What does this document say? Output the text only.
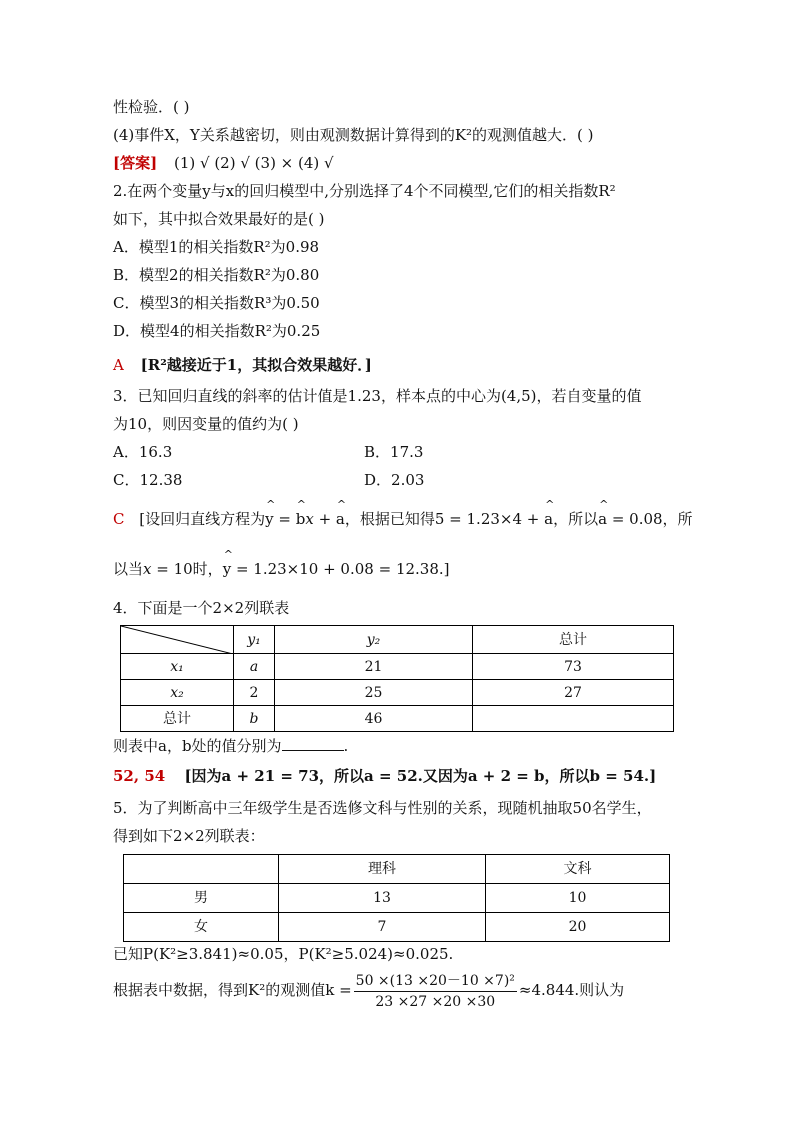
性检验．( )
(4)事件X，Y关系越密切，则由观测数据计算得到的K²的观测值越大．( )
[答案] (1) √ (2) √ (3) × (4) √
2.在两个变量y与x的回归模型中,分别选择了4个不同模型,它们的相关指数R²
如下，其中拟合效果最好的是( )
A．模型1的相关指数R²为0.98
B．模型2的相关指数R²为0.80
C．模型3的相关指数R³为0.50
D．模型4的相关指数R²为0.25
A [R²越接近于1，其拟合效果越好．]
3．已知回归直线的斜率的估计值是1.23，样本点的中心为(4,5)，若自变量的值
为10，则因变量的值约为( )
A．16.3	B．17.3
C．12.38	D．2.03
C [设回归直线方程为^ y = ^ bx + ^ a，根据已知得5 = 1.23×4 + ^ a，所以^ a = 0.08，所
以当x = 10时，^ y = 1.23×10 + 0.08 = 12.38.]
4．下面是一个2×2列联表
	y₁	y₂	总计
x₁	a	21	73
x₂	2	25	27
总计	b	46	
则表中a，b处的值分别为	.
52, 54 [因为a + 21 = 73，所以a = 52.又因为a + 2 = b，所以b = 54.]
5．为了判断高中三年级学生是否选修文科与性别的关系，现随机抽取50名学生，
得到如下2×2列联表：
	理科	文科
男	13	10
女	7	20
已知P(K²≥3.841)≈0.05，P(K²≥5.024)≈0.025.
根据表中数据，得到K²的观测值$k = \frac{\text{50 ×(13 ×20－10 ×7)²}}{23 \times 27 \times 20 \times 30} \approx 4.844$.则认为
